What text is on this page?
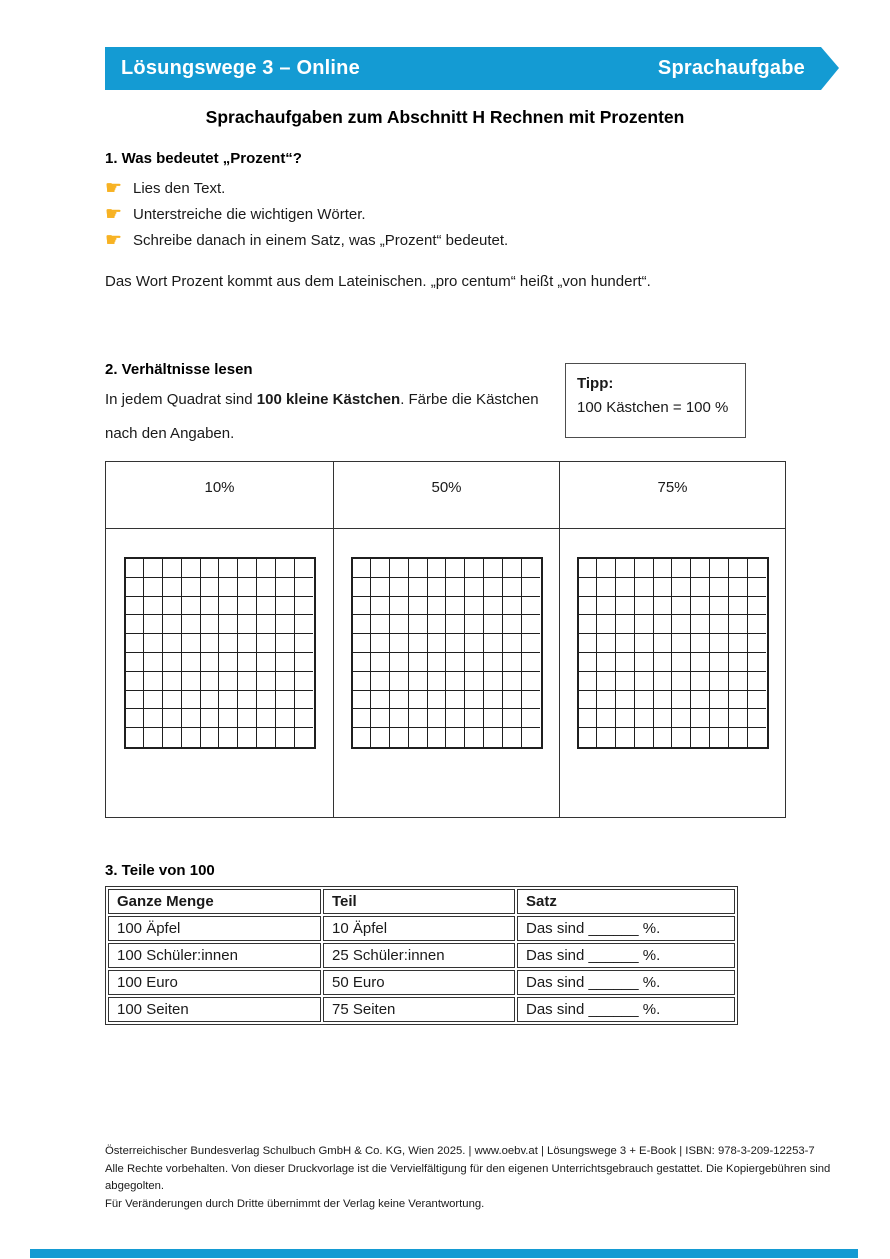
Lösungswege 3 – Online	Sprachaufgabe
Sprachaufgaben zum Abschnitt H Rechnen mit Prozenten
1. Was bedeutet „Prozent“?
☛ Lies den Text.
☛ Unterstreiche die wichtigen Wörter.
☛ Schreibe danach in einem Satz, was „Prozent“ bedeutet.
Das Wort Prozent kommt aus dem Lateinischen. „pro centum“ heißt „von hundert“.
2. Verhältnisse lesen
In jedem Quadrat sind 100 kleine Kästchen. Färbe die Kästchen
nach den Angaben.
Tipp:
100 Kästchen = 100 %
10%	50%	75%
3. Teile von 100
Ganze Menge	Teil	Satz
100 Äpfel	10 Äpfel	Das sind ______ %.
100 Schüler:innen	25 Schüler:innen	Das sind ______ %.
100 Euro	50 Euro	Das sind ______ %.
100 Seiten	75 Seiten	Das sind ______ %.
Österreichischer Bundesverlag Schulbuch GmbH & Co. KG, Wien 2025. | www.oebv.at | Lösungswege 3 + E-Book | ISBN: 978-3-209-12253-7
Alle Rechte vorbehalten. Von dieser Druckvorlage ist die Vervielfältigung für den eigenen Unterrichtsgebrauch gestattet. Die Kopiergebühren sind abgegolten.
Für Veränderungen durch Dritte übernimmt der Verlag keine Verantwortung.
